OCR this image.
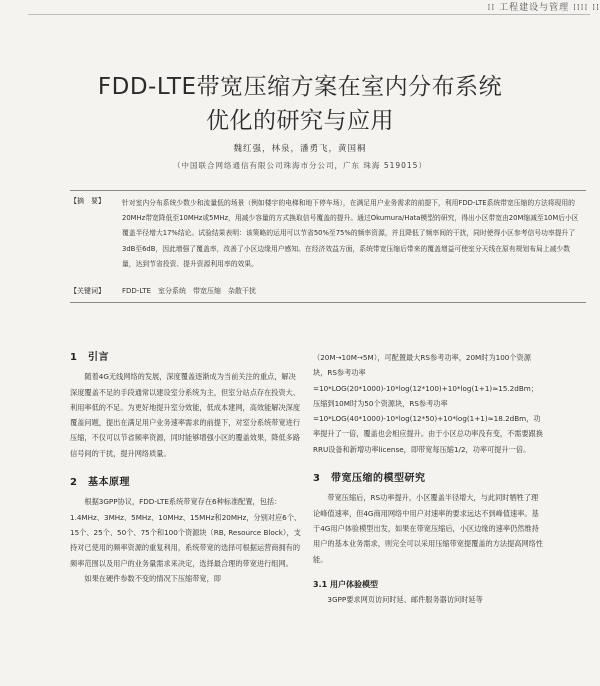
⁞⁞ 工程建设与管理 ⁞⁞⁞⁞ ⁞⁞
FDD-LTE带宽压缩方案在室内分布系统
优化的研究与应用
魏红强，林泉，潘勇飞，黄国桐
（中国联合网络通信有限公司珠海市分公司，广东 珠海 519015）
【摘　要】	针对室内分布系统少数少和流量低的场景（例如楼宇的电梯和地下停车场），在满足用户业务需求的前提下，利用FDD-LTE系统带宽压缩的方法将现用的20MHz带宽降低至10MHz或5MHz，用减少容量的方式换取信号覆盖的提升。通过Okumura/Hata模型的研究，得出小区带宽由20M缩减至10M后小区覆盖半径增大17%结论。试验结果表明：该策略的运用可以节省50%至75%的频率资源，并且降低了频率间的干扰，同时使得小区参考信号功率提升了3dB至6dB，因此增强了覆盖率，改善了小区边缘用户感知。在经济效益方面，系统带宽压缩后带来的覆盖增益可使室分天线在原有规划布局上减少数量，达到节省投资、提升资源利用率的效果。
【关键词】 FDD-LTE　室分系统　带宽压缩　杂散干扰
1　引言

随着4G无线网络的发展，深度覆盖逐渐成为当前关注的重点，解决深度覆盖不足的手段通常以建设室分系统为主，但室分站点存在投资大、利用率低的不足。为更好地提升室分效能，低成本建网，高效能解决深度覆盖问题，提出在满足用户业务速率需求的前提下，对室分系统带宽进行压缩，不仅可以节省频率资源，同时能够增强小区的覆盖效果，降低多路信号间的干扰，提升网络质量。

2　基本原理

根据3GPP协议，FDD-LTE系统带宽存在6种标准配置，包括：1.4MHz、3MHz、5MHz、10MHz、15MHz和20MHz，分别对应6个、15个、25个、50个、75个和100个资源块（RB, Resource Block），支持对已使用的频率资源的重复利用，系统带宽的选择可根据运营商拥有的频率范围以及用户的业务量需求来决定，选择最合理的带宽进行组网。

如果在硬件参数不变的情况下压缩带宽，即

（20M→10M→5M），可配置最大RS参考功率，20M时为100个资源块，RS参考功率=10*LOG(20*1000)-10*log(12*100)+10*log(1+1)≈15.2dBm；压缩到10M时为50个资源块，RS参考功率=10*LOG(40*1000)-10*log(12*50)+10*log(1+1)≈18.2dBm，功率提升了一倍，覆盖也会相应提升。由于小区总功率没有变，不需要跟换RRU设备和新增功率license，即带宽每压缩1/2，功率可提升一倍。

3　带宽压缩的模型研究

带宽压缩后，RS功率提升，小区覆盖半径增大，与此同时牺牲了理论峰值速率，但4G商用网络中用户对速率的要求远达不到峰值速率。基于4G用户体验模型出发，如果在带宽压缩后，小区边缘的速率仍然维持用户的基本业务需求，则完全可以采用压缩带宽提覆盖的方法提高网络性能。

3.1 用户体验模型

3GPP要求网页访问时延、邮件服务器访问时延等
